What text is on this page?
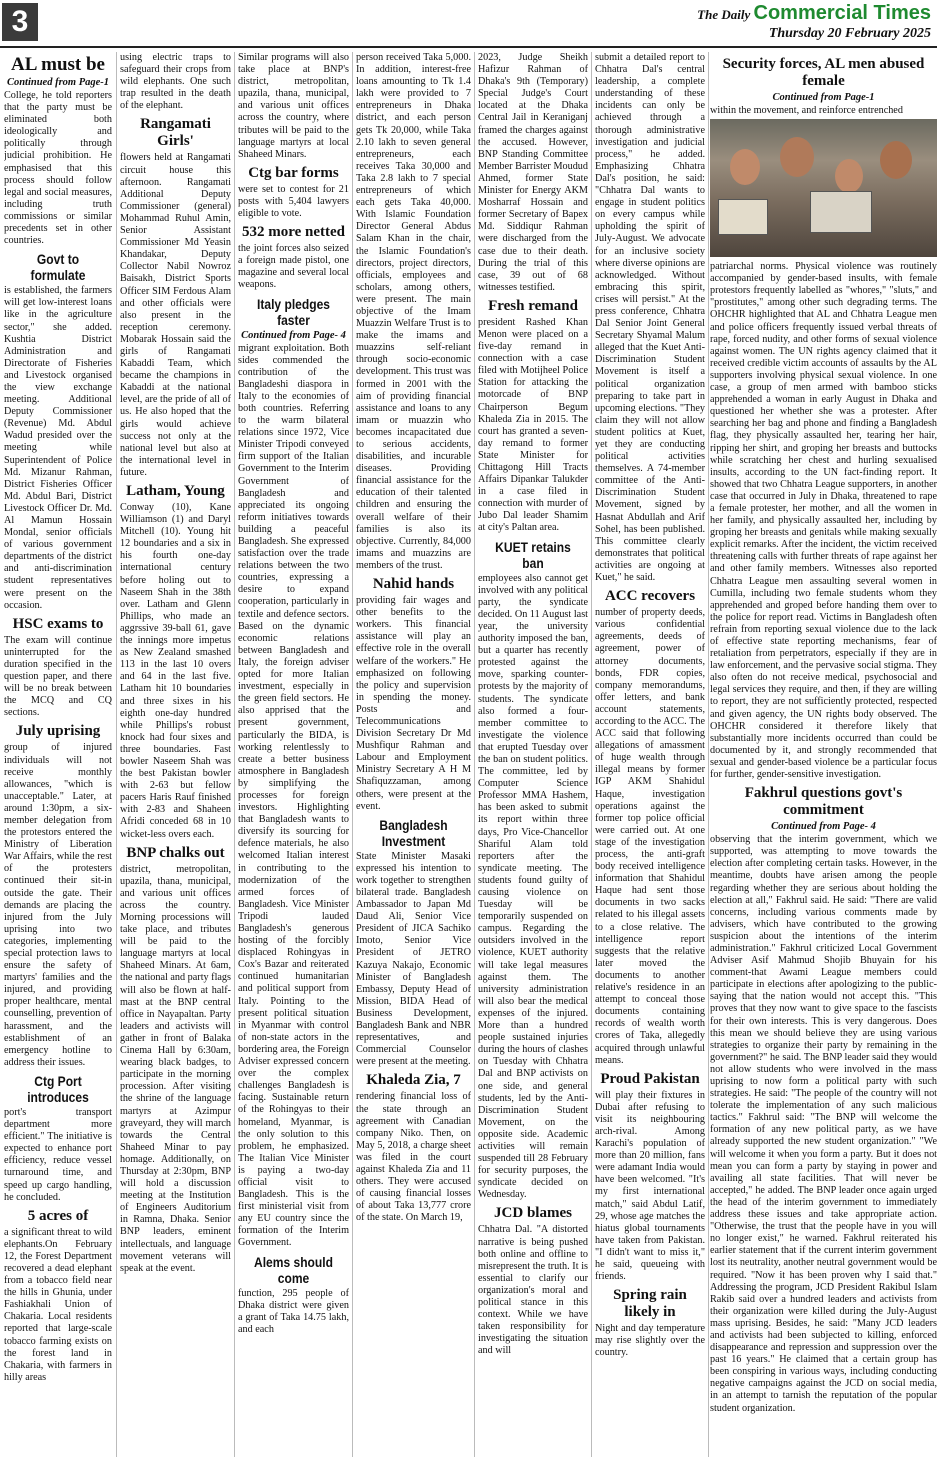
3	The Daily Commercial Times
Thursday 20 February 2025
AL must be
Continued from Page-1

College, he told reporters that the party must be eliminated both ideologically and politically through judicial prohibition. He emphasised that this process should follow legal and social measures, including truth commissions or similar precedents set in other countries.

Govt to formulate

is established, the farmers will get low-interest loans like in the agriculture sector," she added. Kushtia District Administration and Directorate of Fisheries and Livestock organised the view exchange meeting. Additional Deputy Commissioner (Revenue) Md. Abdul Wadud presided over the meeting while Superintendent of Police Md. Mizanur Rahman, District Fisheries Officer Md. Abdul Bari, District Livestock Officer Dr. Md. Al Mamun Hossain Mondal, senior officials of various government departments of the district and anti-discrimination student representatives were present on the occasion.

HSC exams to

The exam will continue uninterrupted for the duration specified in the question paper, and there will be no break between the MCQ and CQ sections.

July uprising

group of injured individuals will not receive monthly allowances, "which is unacceptable." Later, at around 1:30pm, a six-member delegation from the protestors entered the Ministry of Liberation War Affairs, while the rest of the protesters continued their sit-in outside the gate. Their demands are placing the injured from the July uprising into two categories, implementing special protection laws to ensure the safety of martyrs' families and the injured, and providing proper healthcare, mental counselling, prevention of harassment, and the establishment of an emergency hotline to address their issues.

Ctg Port introduces

port's transport department more efficient." The initiative is expected to enhance port efficiency, reduce vessel turnaround time, and speed up cargo handling, he concluded.

5 acres of

a significant threat to wild elephants.On February 12, the Forest Department recovered a dead elephant from a tobacco field near the hills in Ghunia, under Fashiakhali Union of Chakaria. Local residents reported that large-scale tobacco farming exists on the forest land in Chakaria, with farmers in hilly areas

using electric traps to safeguard their crops from wild elephants. One such trap resulted in the death of the elephant.

Rangamati Girls'

flowers held at Rangamati circuit house this afternoon. Rangamati Additional Deputy Commissioner (general) Mohammad Ruhul Amin, Senior Assistant Commissioner Md Yeasin Khandakar, Deputy Collector Nabil Nowroz Baisakh, District Sports Officer SIM Ferdous Alam and other officials were also present in the reception ceremony. Mobarak Hossain said the girls of Rangamati Kabaddi Team, which became the champions in Kabaddi at the national level, are the pride of all of us. He also hoped that the girls would achieve success not only at the national level but also at the international level in future.

Latham, Young

Conway (10), Kane Williamson (1) and Daryl Mitchell (10). Young hit 12 boundaries and a six in his fourth one-day international century before holing out to Naseem Shah in the 38th over. Latham and Glenn Phillips, who made an aggrssive 39-ball 61, gave the innings more impetus as New Zealand smashed 113 in the last 10 overs and 64 in the last five. Latham hit 10 boundaries and three sixes in his eighth one-day hundred while Phillips's robust knock had four sixes and three boundaries. Fast bowler Naseem Shah was the best Pakistan bowler with 2-63 but fellow pacers Haris Rauf finished with 2-83 and Shaheen Afridi conceded 68 in 10 wicket-less overs each.

BNP chalks out

district, metropolitan, upazila, thana, municipal, and various unit offices across the country. Morning processions will take place, and tributes will be paid to the language martyrs at local Shaheed Minars. At 6am, the national and party flags will also be flown at half-mast at the BNP central office in Nayapaltan. Party leaders and activists will gather in front of Balaka Cinema Hall by 6:30am, wearing black badges, to participate in the morning procession. After visiting the shrine of the language martyrs at Azimpur graveyard, they will march towards the Central Shaheed Minar to pay homage. Additionally, on Thursday at 2:30pm, BNP will hold a discussion meeting at the Institution of Engineers Auditorium in Ramna, Dhaka. Senior BNP leaders, eminent intellectuals, and language movement veterans will speak at the event.

Similar programs will also take place at BNP's district, metropolitan, upazila, thana, municipal, and various unit offices across the country, where tributes will be paid to the language martyrs at local Shaheed Minars.

Ctg bar forms

were set to contest for 21 posts with 5,404 lawyers eligible to vote.

532 more netted

the joint forces also seized a foreign made pistol, one magazine and several local weapons.

Italy pledges faster
Continued from Page- 4

migrant exploitation. Both sides commended the contribution of the Bangladeshi diaspora in Italy to the economies of both countries. Referring to the warm bilateral relations since 1972, Vice Minister Tripodi conveyed firm support of the Italian Government to the Interim Government of Bangladesh and appreciated its ongoing reform initiatives towards building a peaceful Bangladesh. She expressed satisfaction over the trade relations between the two countries, expressing a desire to expand cooperation, particularly in textile and defence sectors. Based on the dynamic economic relations between Bangladesh and Italy, the foreign adviser opted for more Italian investment, especially in the green field sectors. He also apprised that the present government, particularly the BIDA, is working relentlessly to create a better business atmosphere in Bangladesh by simplifying the processes for foreign investors. Highlighting that Bangladesh wants to diversify its sourcing for defence materials, he also welcomed Italian interest in contributing to the modernization of the armed forces of Bangladesh. Vice Minister Tripodi lauded Bangladesh's generous hosting of the forcibly displaced Rohingyas in Cox's Bazar and reiterated continued humanitarian and political support from Italy. Pointing to the present political situation in Myanmar with control of non-state actors in the bordering area, the Foreign Adviser expressed concern over the complex challenges Bangladesh is facing. Sustainable return of the Rohingyas to their homeland, Myanmar, is the only solution to this problem, he emphasized. The Italian Vice Minister is paying a two-day official visit to Bangladesh. This is the first ministerial visit from any EU country since the formation of the Interim Government.

Alems should come

function, 295 people of Dhaka district were given a grant of Taka 14.75 lakh, and each

person received Taka 5,000. In addition, interest-free loans amounting to Tk 1.4 lakh were provided to 7 entrepreneurs in Dhaka district, and each person gets Tk 20,000, while Taka 2.10 lakh to seven general entrepreneurs, each receives Taka 30,000 and Taka 2.8 lakh to 7 special entrepreneurs of which each gets Taka 40,000. With Islamic Foundation Director General Abdus Salam Khan in the chair, the Islamic Foundation's directors, project directors, officials, employees and scholars, among others, were present. The main objective of the Imam Muazzin Welfare Trust is to make the imams and muazzins self-reliant through socio-economic development. This trust was formed in 2001 with the aim of providing financial assistance and loans to any imam or muazzin who becomes incapacitated due to serious accidents, disabilities, and incurable diseases. Providing financial assistance for the education of their talented children and ensuring the overall welfare of their families is also its objective. Currently, 84,000 imams and muazzins are members of the trust.

Nahid hands

providing fair wages and other benefits to the workers. This financial assistance will play an effective role in the overall welfare of the workers." He emphasized on following the policy and supervision in spending the money. Posts and Telecommunications Division Secretary Dr Md Mushfiqur Rahman and Labour and Employment Ministry Secretary A H M Shafiquzzaman, among others, were present at the event.

Bangladesh Investment

State Minister Masaki expressed his intention to work together to strengthen bilateral trade. Bangladesh Ambassador to Japan Md Daud Ali, Senior Vice President of JICA Sachiko Imoto, Senior Vice President of JETRO Kazuya Nakajo, Economic Minister of Bangladesh Embassy, Deputy Head of Mission, BIDA Head of Business Development, Bangladesh Bank and NBR representatives, and Commercial Counselor were present at the meeting.

Khaleda Zia, 7

rendering financial loss of the state through an agreement with Canadian company Niko. Then, on May 5, 2018, a charge sheet was filed in the court against Khaleda Zia and 11 others. They were accused of causing financial losses of about Taka 13,777 crore of the state. On March 19,

2023, Judge Sheikh Hafizur Rahman of Dhaka's 9th (Temporary) Special Judge's Court located at the Dhaka Central Jail in Keraniganj framed the charges against the accused. However, BNP Standing Committee Member Barrister Moudud Ahmed, former State Minister for Energy AKM Mosharraf Hossain and former Secretary of Bapex Md. Siddiqur Rahman were discharged from the case due to their death. During the trial of this case, 39 out of 68 witnesses testified.

Fresh remand

president Rashed Khan Menon were placed on a five-day remand in connection with a case filed with Motijheel Police Station for attacking the motorcade of BNP Chairperson Begum Khaleda Zia in 2015. The court has granted a seven-day remand to former State Minister for Chittagong Hill Tracts Affairs Dipankar Talukder in a case filed in connection with murder of Jubo Dal leader Shamim at city's Paltan area.

KUET retains ban

employees also cannot get involved with any political party, the syndicate decided. On 11 August last year, the university authority imposed the ban, but a quarter has recently protested against the move, sparking counter-protests by the majority of students. The syndicate also formed a four-member committee to investigate the violence that erupted Tuesday over the ban on student politics. The committee, led by Computer Science Professor MMA Hashem, has been asked to submit its report within three days, Pro Vice-Chancellor Shariful Alam told reporters after the syndicate meeting. The students found guilty of causing violence on Tuesday will be temporarily suspended on campus. Regarding the outsiders involved in the violence, KUET authority will take legal measures against them. The university administration will also bear the medical expenses of the injured. More than a hundred people sustained injuries during the hours of clashes on Tuesday with Chhatra Dal and BNP activists on one side, and general students, led by the Anti-Discrimination Student Movement, on the opposite side. Academic activities will remain suspended till 28 February for security purposes, the syndicate decided on Wednesday.

JCD blames

Chhatra Dal. "A distorted narrative is being pushed both online and offline to misrepresent the truth. It is essential to clarify our organization's moral and political stance in this context. While we have taken responsibility for investigating the situation and will

submit a detailed report to Chhatra Dal's central leadership, a complete understanding of these incidents can only be achieved through a thorough administrative investigation and judicial process," he added. Emphasizing Chhatra Dal's position, he said: "Chhatra Dal wants to engage in student politics on every campus while upholding the spirit of July-August. We advocate for an inclusive society where diverse opinions are acknowledged. Without embracing this spirit, crises will persist." At the press conference, Chhatra Dal Senior Joint General Secretary Shyamal Malum alleged that the Kuet Anti-Discrimination Student Movement is itself a political organization preparing to take part in upcoming elections. "They claim they will not allow student politics at Kuet, yet they are conducting political activities themselves. A 74-member committee of the Anti-Discrimination Student Movement, signed by Hasnat Abdullah and Arif Sohel, has been published. This committee clearly demonstrates that political activities are ongoing at Kuet," he said.

ACC recovers

number of property deeds, various confidential agreements, deeds of agreement, power of attorney documents, bonds, FDR copies, company memorandums, offer letters, and bank account statements, according to the ACC. The ACC said that following allegations of amassment of huge wealth through illegal means by former IGP AKM Shahidul Haque, investigation operations against the former top police official were carried out. At one stage of the investigation process, the anti-graft body received intelligence information that Shahidul Haque had sent those documents in two sacks related to his illegal assets to a close relative. The intelligence report suggests that the relative later moved the documents to another relative's residence in an attempt to conceal those documents containing records of wealth worth crores of Taka, allegedly acquired through unlawful means.

Proud Pakistan

will play their fixtures in Dubai after refusing to visit its neighbouring arch-rival. Among Karachi's population of more than 20 million, fans were adamant India would have been welcomed. "It's my first international match," said Abdul Latif, 29, whose age matches the hiatus global tournaments have taken from Pakistan. "I didn't want to miss it," he said, queueing with friends.

Spring rain likely in

Night and day temperature may rise slightly over the country.

Security forces, AL men abused female
Continued from Page-1

within the movement, and reinforce entrenched

patriarchal norms. Physical violence was routinely accompanied by gender-based insults, with female protestors frequently labelled as "whores," "sluts," and "prostitutes," among other such degrading terms. The OHCHR highlighted that AL and Chhatra League men and police officers frequently issued verbal threats of rape, forced nudity, and other forms of sexual violence against women. The UN rights agency claimed that it received credible victim accounts of assaults by the AL supporters involving physical sexual violence. In one case, a group of men armed with bamboo sticks apprehended a woman in early August in Dhaka and questioned her whether she was a protester. After searching her bag and phone and finding a Bangladesh flag, they physically assaulted her, tearing her hair, ripping her shirt, and groping her breasts and buttocks while scratching her chest and hurling sexualised insults, according to the UN fact-finding report. It showed that two Chhatra League supporters, in another case that occurred in July in Dhaka, threatened to rape a female protester, her mother, and all the women in her family, and physically assaulted her, including by groping her breasts and genitals while making sexually explicit remarks. After the incident, the victim received threatening calls with further threats of rape against her and other family members. Witnesses also reported Chhatra League men assaulting several women in Cumilla, including two female students whom they apprehended and groped before handing them over to the police for report read. Victims in Bangladesh often refrain from reporting sexual violence due to the lack of effective state reporting mechanisms, fear of retaliation from perpetrators, especially if they are in law enforcement, and the pervasive social stigma. They also often do not receive medical, psychosocial and legal services they require, and then, if they are willing to report, they are not sufficiently protected, respected and given agency, the UN rights body observed. The OHCHR considered it therefore likely that substantially more incidents occurred than could be documented by it, and strongly recommended that sexual and gender-based violence be a particular focus for further, gender-sensitive investigation.

Fakhrul questions govt's commitment
Continued from Page- 4

observing that the interim government, which we supported, was attempting to move towards the election after completing certain tasks. However, in the meantime, doubts have arisen among the people regarding whether they are serious about holding the election at all," Fakhrul said. He said: "There are valid concerns, including various comments made by advisers, which have contributed to the growing suspicion about the intentions of the interim administration." Fakhrul criticized Local Government Adviser Asif Mahmud Shojib Bhuyain for his comment-that Awami League members could participate in elections after apologizing to the public-saying that the nation would not accept this. "This proves that they now want to give space to the fascists for their own interests. This is very dangerous. Does this mean we should believe they are using various strategies to organize their party by remaining in the government?" he said. The BNP leader said they would not allow students who were involved in the mass uprising to now form a political party with such strategies. He said: "The people of the country will not tolerate the implementation of any such malicious tactics." Fakhrul said: "The BNP will welcome the formation of any new political party, as we have already supported the new student organization." "We will welcome it when you form a party. But it does not mean you can form a party by staying in power and availing all state facilities. That will never be accepted," he added. The BNP leader once again urged the head of the interim government to immediately address these issues and take appropriate action. "Otherwise, the trust that the people have in you will no longer exist," he warned. Fakhrul reiterated his earlier statement that if the current interim government lost its neutrality, another neutral government would be required. "Now it has been proven why I said that." Addressing the program, JCD President Rakibul Islam Rakib said over a hundred leaders and activists from their organization were killed during the July-August mass uprising. Besides, he said: "Many JCD leaders and activists had been subjected to killing, enforced disappearance and repression and suppression over the past 16 years." He claimed that a certain group has been conspiring in various ways, including conducting negative campaigns against the JCD on social media, in an attempt to tarnish the reputation of the popular student organization.
